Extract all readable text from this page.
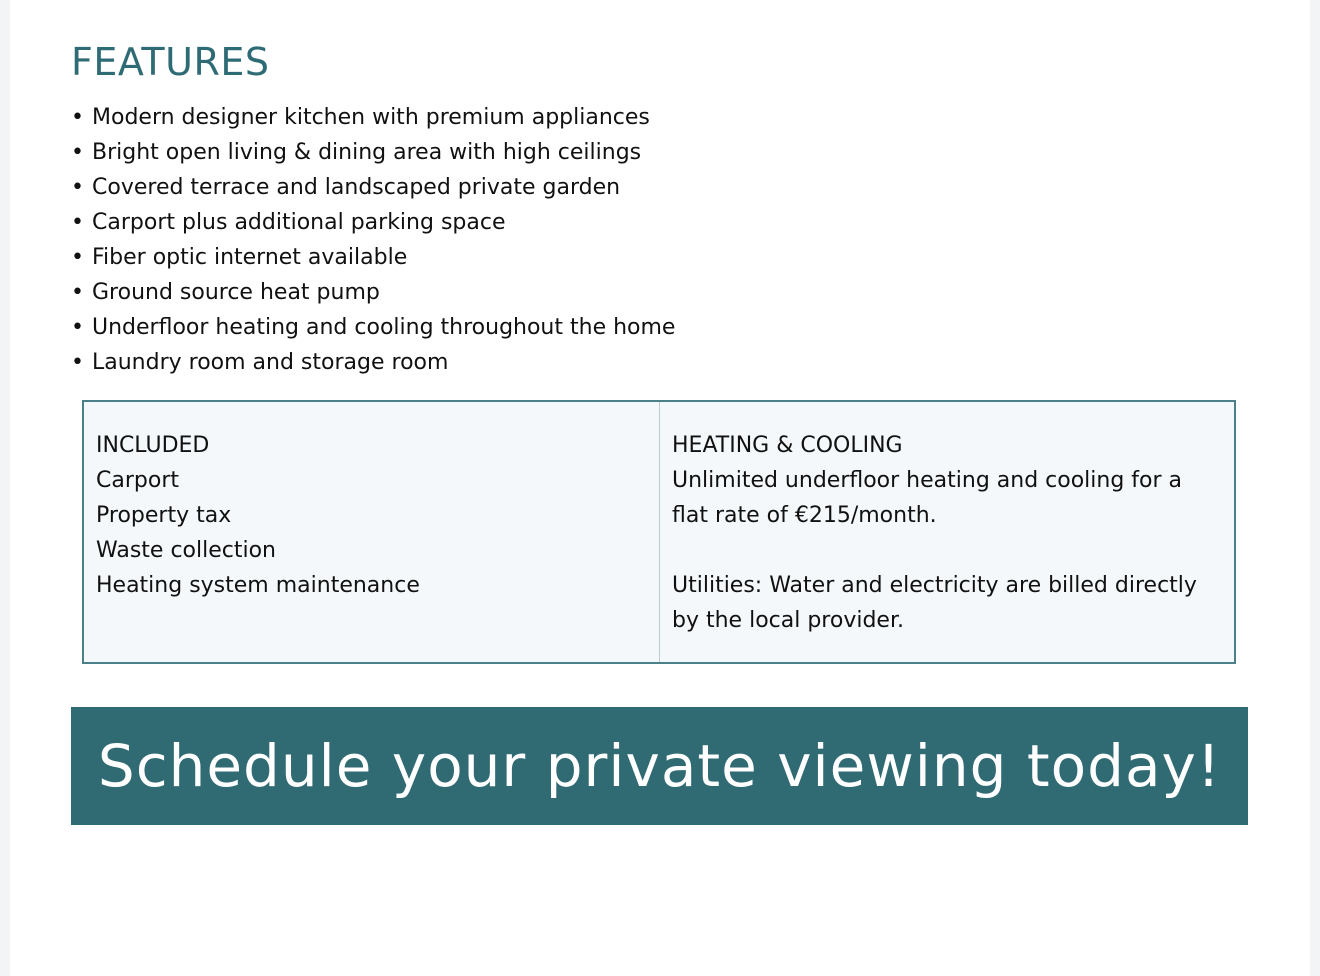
FEATURES
• Modern designer kitchen with premium appliances
• Bright open living & dining area with high ceilings
• Covered terrace and landscaped private garden
• Carport plus additional parking space
• Fiber optic internet available
• Ground source heat pump
• Underfloor heating and cooling throughout the home
• Laundry room and storage room

INCLUDED

Carport

Property tax

Waste collection

Heating system maintenance

HEATING & COOLING

Unlimited underfloor heating and cooling for a flat rate of €215/month.

Utilities: Water and electricity are billed directly by the local provider.

Schedule your private viewing today!
